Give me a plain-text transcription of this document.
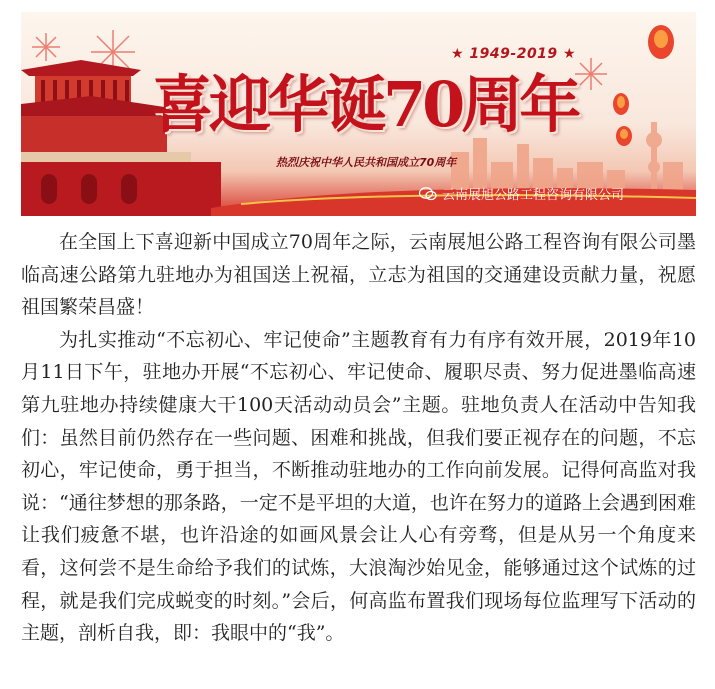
★ 1949-2019 ★
喜迎华诞70周年
热烈庆祝中华人民共和国成立70周年
云南展旭公路工程咨询有限公司

在全国上下喜迎新中国成立70周年之际，云南展旭公路工程咨询有限公司墨临高速公路第九驻地办为祖国送上祝福，立志为祖国的交通建设贡献力量，祝愿祖国繁荣昌盛！

为扎实推动“不忘初心、牢记使命”主题教育有力有序有效开展，2019年10月11日下午，驻地办开展“不忘初心、牢记使命、履职尽责、努力促进墨临高速第九驻地办持续健康大干100天活动动员会”主题。驻地负责人在活动中告知我们：虽然目前仍然存在一些问题、困难和挑战，但我们要正视存在的问题，不忘初心，牢记使命，勇于担当，不断推动驻地办的工作向前发展。记得何高监对我说：“通往梦想的那条路，一定不是平坦的大道，也许在努力的道路上会遇到困难让我们疲惫不堪，也许沿途的如画风景会让人心有旁骛，但是从另一个角度来看，这何尝不是生命给予我们的试炼，大浪淘沙始见金，能够通过这个试炼的过程，就是我们完成蜕变的时刻。”会后，何高监布置我们现场每位监理写下活动的主题，剖析自我，即：我眼中的“我”。
